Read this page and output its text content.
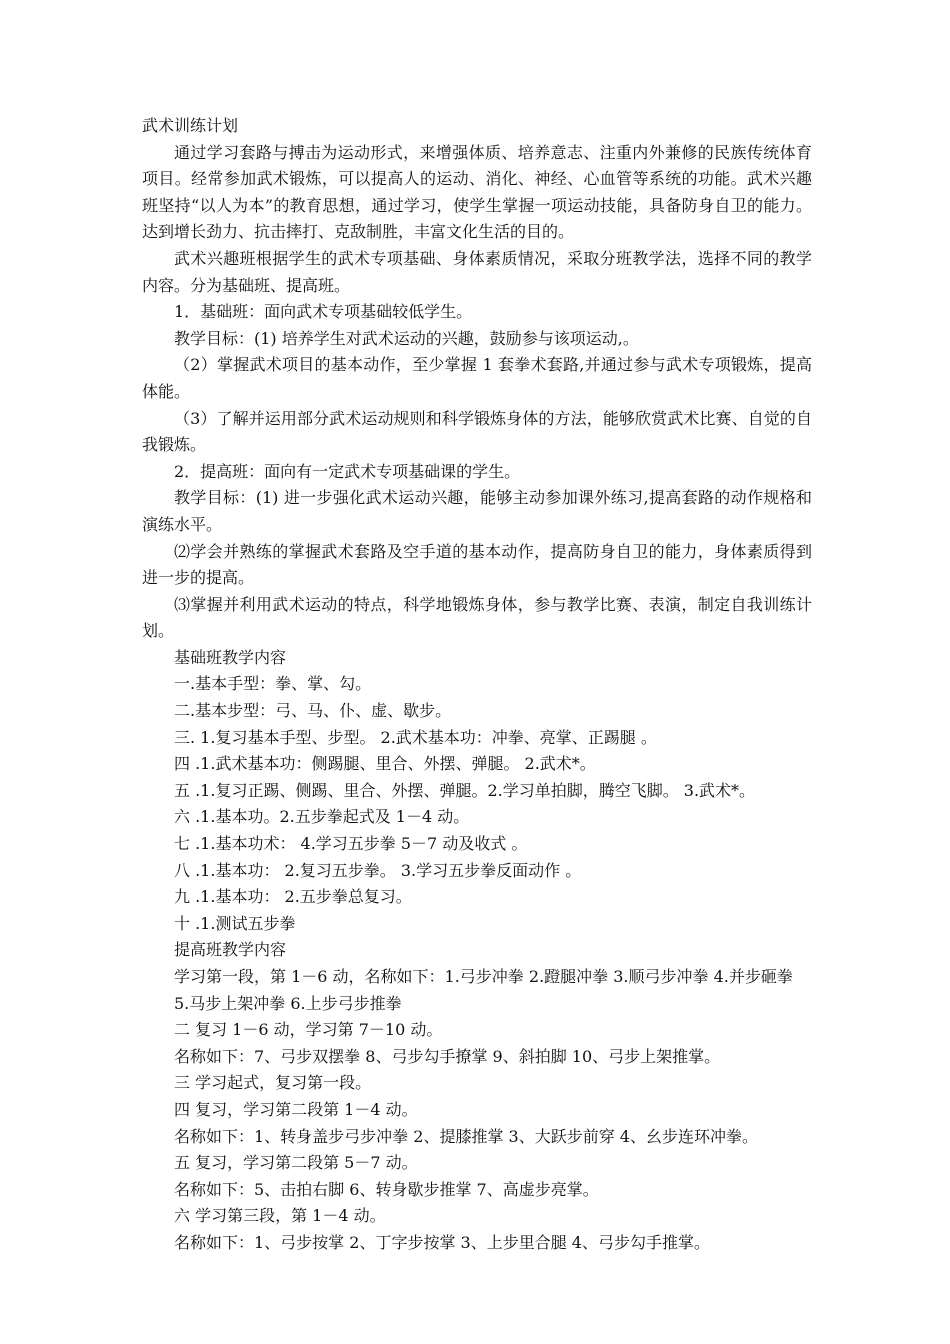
武术训练计划

通过学习套路与搏击为运动形式，来增强体质、培养意志、注重内外兼修的民族传统体育项目。经常参加武术锻炼，可以提高人的运动、消化、神经、心血管等系统的功能。武术兴趣班坚持“以人为本”的教育思想，通过学习，使学生掌握一项运动技能，具备防身自卫的能力。达到增长劲力、抗击摔打、克敌制胜，丰富文化生活的目的。

武术兴趣班根据学生的武术专项基础、身体素质情况，采取分班教学法，选择不同的教学内容。分为基础班、提高班。

1．基础班：面向武术专项基础较低学生。

教学目标：(1) 培养学生对武术运动的兴趣，鼓励参与该项运动,。

（2）掌握武术项目的基本动作，至少掌握 1 套拳术套路,并通过参与武术专项锻炼，提高体能。

（3）了解并运用部分武术运动规则和科学锻炼身体的方法，能够欣赏武术比赛、自觉的自我锻炼。

2．提高班：面向有一定武术专项基础课的学生。

教学目标：(1) 进一步强化武术运动兴趣，能够主动参加课外练习,提高套路的动作规格和演练水平。

⑵学会并熟练的掌握武术套路及空手道的基本动作，提高防身自卫的能力，身体素质得到进一步的提高。

⑶掌握并利用武术运动的特点，科学地锻炼身体，参与教学比赛、表演，制定自我训练计划。

基础班教学内容

一.基本手型：拳、掌、勾。

二.基本步型：弓、马、仆、虚、歇步。

三. 1.复习基本手型、步型。 2.武术基本功：冲拳、亮掌、正踢腿 。

四 .1.武术基本功：侧踢腿、里合、外摆、弹腿。 2.武术*。

五 .1.复习正踢、侧踢、里合、外摆、弹腿。2.学习单拍脚，腾空飞脚。 3.武术*。

六 .1.基本功。2.五步拳起式及 1－4 动。

七 .1.基本功术： 4.学习五步拳 5－7 动及收式 。

八 .1.基本功： 2.复习五步拳。 3.学习五步拳反面动作 。

九 .1.基本功： 2.五步拳总复习。

十 .1.测试五步拳

提高班教学内容

学习第一段，第 1－6 动，名称如下：1.弓步冲拳 2.蹬腿冲拳 3.顺弓步冲拳 4.并步砸拳

5.马步上架冲拳 6.上步弓步推拳

二 复习 1－6 动，学习第 7－10 动。

名称如下：7、弓步双摆拳 8、弓步勾手撩掌 9、斜拍脚 10、弓步上架推掌。

三 学习起式，复习第一段。

四 复习，学习第二段第 1－4 动。

名称如下：1、转身盖步弓步冲拳 2、提膝推掌 3、大跃步前穿 4、幺步连环冲拳。

五 复习，学习第二段第 5－7 动。

名称如下：5、击拍右脚 6、转身歇步推掌 7、高虚步亮掌。

六 学习第三段，第 1－4 动。

名称如下：1、弓步按掌 2、丁字步按掌 3、上步里合腿 4、弓步勾手推掌。
